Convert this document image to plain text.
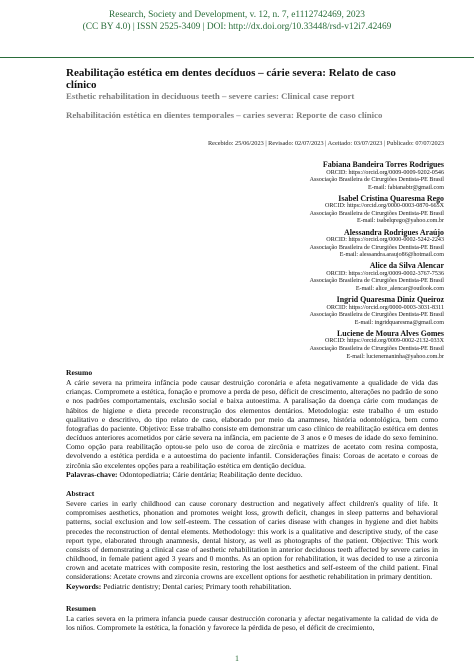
Research, Society and Development, v. 12, n. 7, e1112742469, 2023
(CC BY 4.0) | ISSN 2525-3409 | DOI: http://dx.doi.org/10.33448/rsd-v12i7.42469
Reabilitação estética em dentes decíduos – cárie severa: Relato de caso clínico
Esthetic rehabilitation in deciduous teeth – severe caries: Clinical case report
Rehabilitación estética en dientes temporales – caries severa: Reporte de caso clínico
Recebido: 25/06/2023 | Revisado: 02/07/2023 | Aceitado: 03/07/2023 | Publicado: 07/07/2023
Fabiana Bandeira Torres Rodrigues
ORCID: https://orcid.org/0009-0009-9202-0546
Associação Brasileira de Cirurgiões Dentista-PE Brasil
E-mail: fabianabtr@gmail.com
Isabel Cristina Quaresma Rego
ORCID: https://orcid.org/0000-0003-0870-665X
Associação Brasileira de Cirurgiões Dentista-PE Brasil
E-mail: isabelqrego@yahoo.com.br
Alessandra Rodrigues Araújo
ORCID: https://orcid.org/0000-0002-5242-2243
Associação Brasileira de Cirurgiões Dentista-PE Brasil
E-mail: alessandra.araujo86@hotmail.com
Alice da Silva Alencar
ORCID: https://orcid.org/0009-0002-3767-7536
Associação Brasileira de Cirurgiões Dentista-PE Brasil
E-mail: alice_alencar@outlook.com
Ingrid Quaresma Diniz Queiroz
ORCID: https://orcid.org/0000-0003-3031-8311
Associação Brasileira de Cirurgiões Dentista-PE Brasil
E-mail: ingridquaresma@gmail.com
Luciene de Moura Alves Gomes
ORCID: https://orcid.org/0009-0002-2132-033X
Associação Brasileira de Cirurgiões Dentista-PE Brasil
E-mail: lucienemaninha@yahoo.com.br
Resumo
A cárie severa na primeira infância pode causar destruição coronária e afeta negativamente a qualidade de vida das crianças. Compromete a estética, fonação e promove a perda de peso, déficit de crescimento, alterações no padrão de sono e nos padrões comportamentais, exclusão social e baixa autoestima. A paralisação da doença cárie com mudanças de hábitos de higiene e dieta precede reconstrução dos elementos dentários. Metodologia: este trabalho é um estudo qualitativo e descritivo, do tipo relato de caso, elaborado por meio da anamnese, história odontológica, bem como fotografias do paciente. Objetivo: Esse trabalho consiste em demonstrar um caso clínico de reabilitação estética em dentes decíduos anteriores acometidos por cárie severa na infância, em paciente de 3 anos e 0 meses de idade do sexo feminino. Como opção para reabilitação optou-se pelo uso de coroa de zircônia e matrizes de acetato com resina composta, devolvendo a estética perdida e a autoestima do paciente infantil. Considerações finais: Coroas de acetato e coroas de zircônia são excelentes opções para a reabilitação estética em dentição decídua.
Palavras-chave: Odontopediatria; Cárie dentária; Reabilitação dente decíduo.
Abstract
Severe caries in early childhood can cause coronary destruction and negatively affect children's quality of life. It compromises aesthetics, phonation and promotes weight loss, growth deficit, changes in sleep patterns and behavioral patterns, social exclusion and low self-esteem. The cessation of caries disease with changes in hygiene and diet habits precedes the reconstruction of dental elements. Methodology: this work is a qualitative and descriptive study, of the case report type, elaborated through anamnesis, dental history, as well as photographs of the patient. Objective: This work consists of demonstrating a clinical case of aesthetic rehabilitation in anterior deciduous teeth affected by severe caries in childhood, in female patient aged 3 years and 0 months. As an option for rehabilitation, it was decided to use a zirconia crown and acetate matrices with composite resin, restoring the lost aesthetics and self-esteem of the child patient. Final considerations: Acetate crowns and zirconia crowns are excellent options for aesthetic rehabilitation in primary dentition.
Keywords: Pediatric dentistry; Dental caries; Primary tooth rehabilitation.
Resumen
La caries severa en la primera infancia puede causar destrucción coronaria y afectar negativamente la calidad de vida de los niños. Compromete la estética, la fonación y favorece la pérdida de peso, el déficit de crecimiento,
1
